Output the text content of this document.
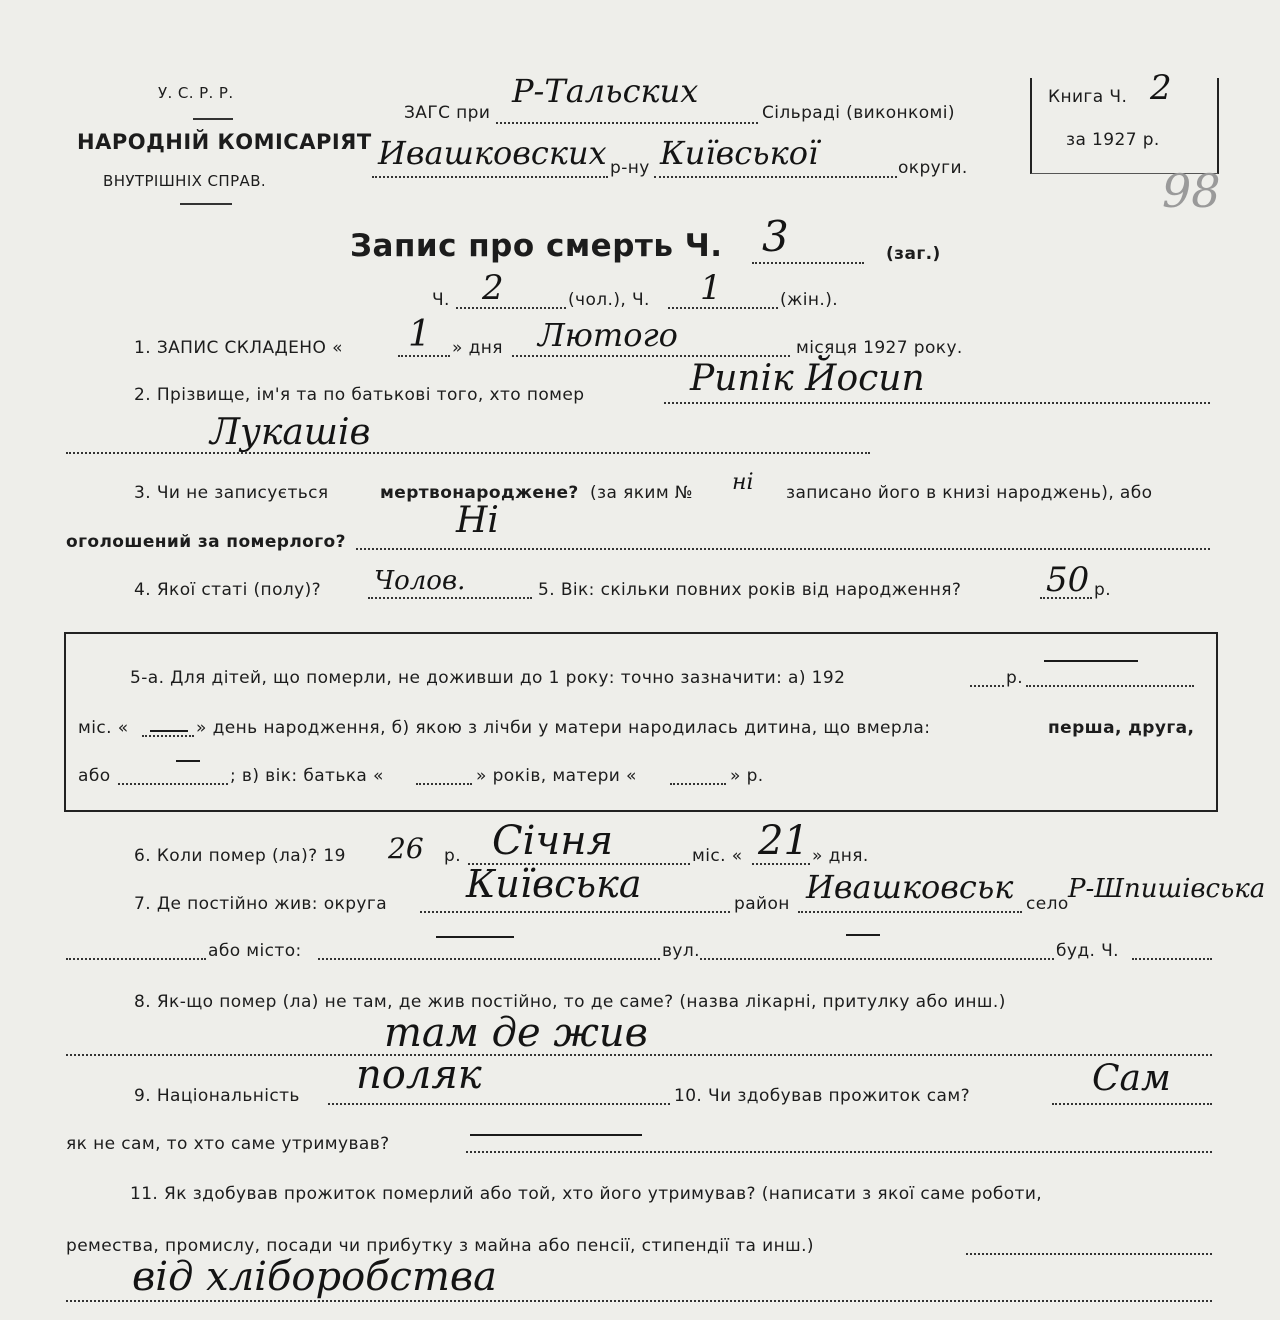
У. С. Р. Р.
НАРОДНІЙ КОМІСАРІЯТ
ВНУТРІШНІХ СПРАВ.
ЗАГС при
Р-Тальских
Сільраді (виконкомі)
Ивашковских р-ну Київської	округи.
Книга Ч. 2
за 1927 р.
98
Запис про смерть Ч. 3	(заг.)
Ч. 2	(чол.), Ч. 1	(жін.).
1. ЗАПИС СКЛАДЕНО « 1 » дня Лютого	місяця 1927 року.
2. Прізвище, ім'я та по батькові того, хто помер	Рипік Йосип
Лукашів
3. Чи не записується	мертвонароджене? (за яким № ні записано його в книзі народжень), або
оголошений за померлого?
Ні
4. Якої статі (полу)? Чолов.	5. Вік: скільки повних років від народження? 50 р.
5-а. Для дітей, що померли, не доживши до 1 року: точно зазначити: а) 192	р.
міс. «	» день народження, б) якою з лічби у матери народилась дитина, що вмерла:	перша, друга,
або	; в) вік: батька «	» років, матери «	» р.
6. Коли помер (ла)? 19 26 р. Січня	міс. « 21 » дня.
7. Де постійно жив: округа Київська	район Ивашковськ село Р-Шпишівська
або місто:	вул.	буд. Ч.
8. Як-що помер (ла) не там, де жив постійно, то де саме? (назва лікарні, притулку або инш.)
там де жив
9. Національність поляк	10. Чи здобував прожиток сам?	Сам
як не сам, то хто саме утримував?
11. Як здобував прожиток померлий або той, хто його утримував? (написати з якої саме роботи,
ремества, промислу, посади чи прибутку з майна або пенсії, стипендії та инш.)
від хліборобства
